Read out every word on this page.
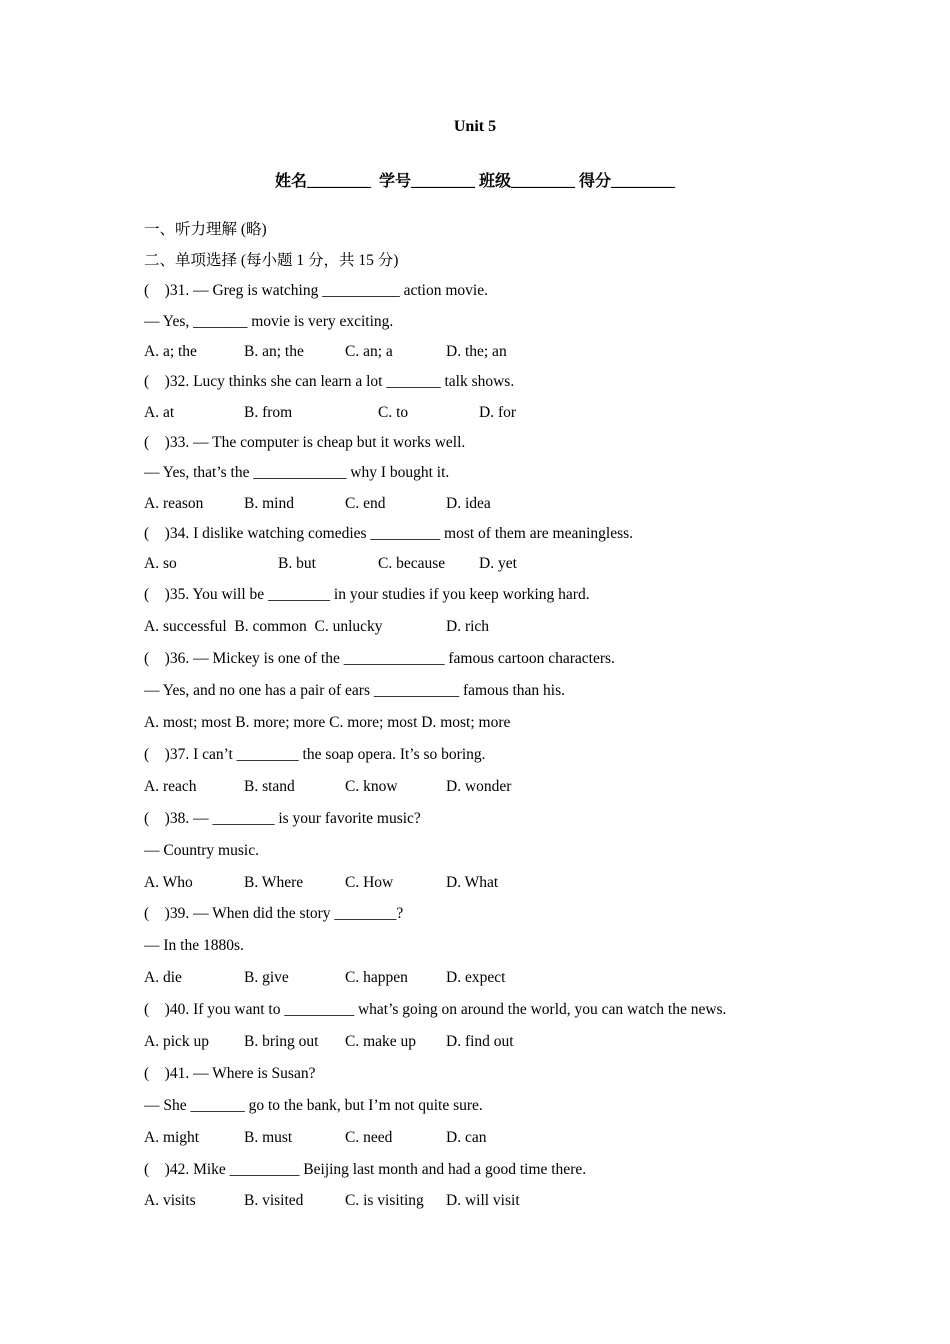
Unit 5
姓名________  学号________ 班级________ 得分________
一、听力理解 (略)
二、单项选择 (每小题 1 分，共 15 分)
(    )31. — Greg is watching __________ action movie.
— Yes, _______ movie is very exciting.
A. a; the	B. an; the	C. an; a	D. the; an
(    )32. Lucy thinks she can learn a lot _______ talk shows.
A. at	B. from	C. to	D. for
(    )33. — The computer is cheap but it works well.
— Yes, that’s the ____________ why I bought it.
A. reason	B. mind	C. end	D. idea
(    )34. I dislike watching comedies _________ most of them are meaningless.
A. so	B. but	C. because D. yet
(    )35. You will be ________ in your studies if you keep working hard.
A. successful  B. common  C. unlucky	D. rich
(    )36. — Mickey is one of the _____________ famous cartoon characters.
— Yes, and no one has a pair of ears ___________ famous than his.
A. most; most B. more; more C. more; most D. most; more
(    )37. I can’t ________ the soap opera. It’s so boring.
A. reach	B. stand	C. know	D. wonder
(    )38. — ________ is your favorite music?
— Country music.
A. Who	B. Where	C. How	D. What
(    )39. — When did the story ________?
— In the 1880s.
A. die	B. give	C. happen D. expect
(    )40. If you want to _________ what’s going on around the world, you can watch the news.
A. pick up B. bring out C. make up D. find out
(    )41. — Where is Susan?
— She _______ go to the bank, but I’m not quite sure.
A. might	B. must	C. need	D. can
(    )42. Mike _________ Beijing last month and had a good time there.
A. visits	B. visited	C. is visiting D. will visit
